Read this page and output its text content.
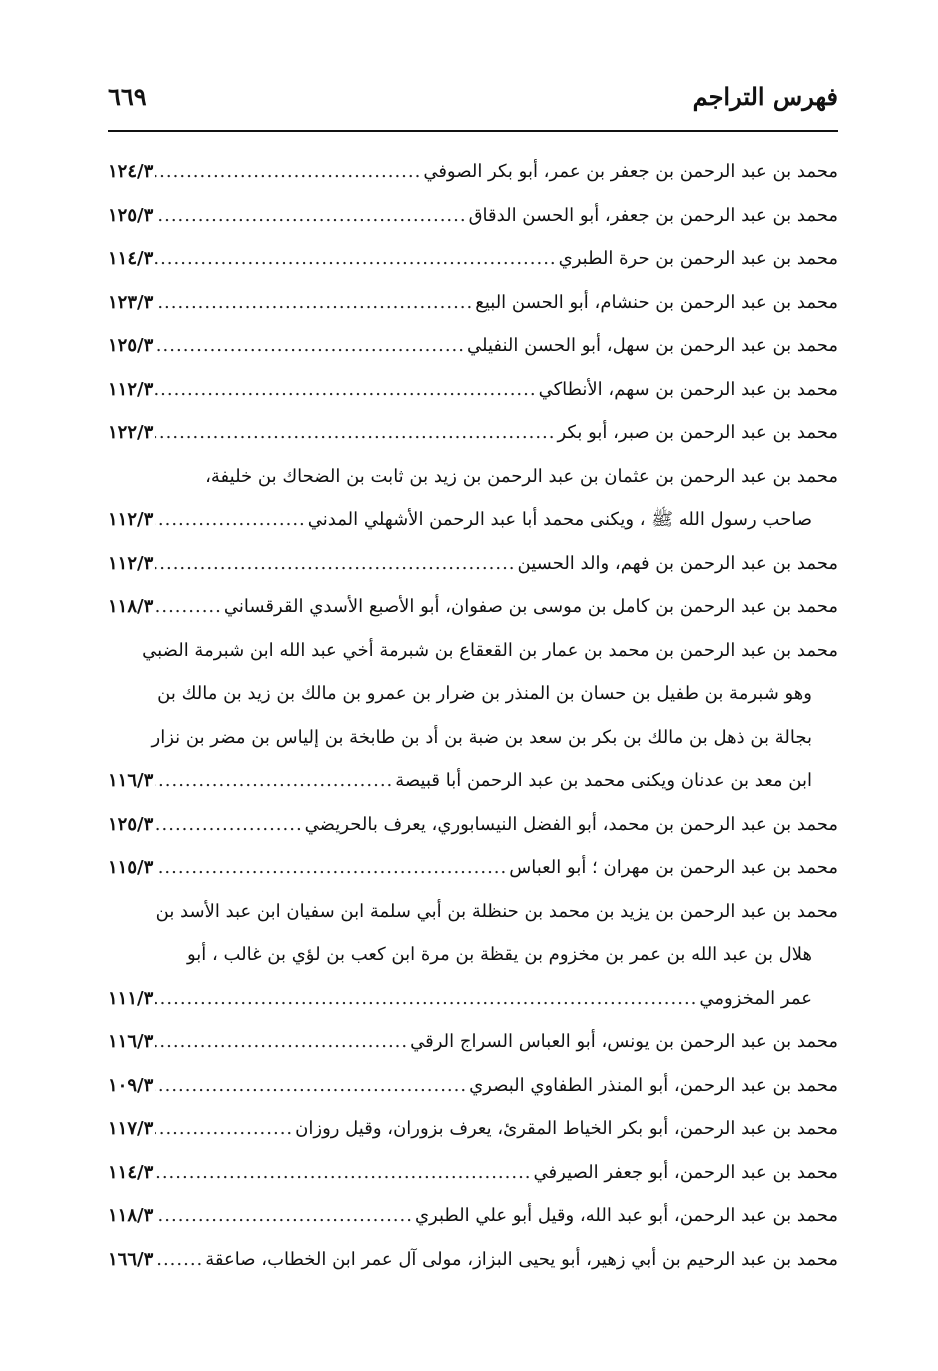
فهرس التراجم
٦٦٩
محمد بن عبد الرحمن بن جعفر بن عمر، أبو بكر الصوفي
.....
١٢٤/٣
محمد بن عبد الرحمن بن جعفر، أبو الحسن الدقاق
.....
١٢٥/٣
محمد بن عبد الرحمن بن حرة الطبري
.....
١١٤/٣
محمد بن عبد الرحمن بن حنشام، أبو الحسن البيع
.....
١٢٣/٣
محمد بن عبد الرحمن بن سهل، أبو الحسن النفيلي
.....
١٢٥/٣
محمد بن عبد الرحمن بن سهم، الأنطاكي
.....
١١٢/٣
محمد بن عبد الرحمن بن صبر، أبو بكر
.....
١٢٢/٣
محمد بن عبد الرحمن بن عثمان بن عبد الرحمن بن زيد بن ثابت بن الضحاك بن خليفة،
صاحب رسول الله ﷺ ، ويكنى محمد أبا عبد الرحمن الأشهلي المدني
.....
١١٢/٣
محمد بن عبد الرحمن بن فهم، والد الحسين
.....
١١٢/٣
محمد بن عبد الرحمن بن كامل بن موسى بن صفوان، أبو الأصبع الأسدي القرقساني
.....
١١٨/٣
محمد بن عبد الرحمن بن محمد بن عمار بن القعقاع بن شبرمة أخي عبد الله ابن شبرمة الضبي
وهو شبرمة بن طفيل بن حسان بن المنذر بن ضرار بن عمرو بن مالك بن زيد بن مالك بن
بجالة بن ذهل بن مالك بن بكر بن سعد بن ضبة بن أد بن طابخة بن إلياس بن مضر بن نزار
ابن معد بن عدنان ويكنى محمد بن عبد الرحمن أبا قبيصة
.....
١١٦/٣
محمد بن عبد الرحمن بن محمد، أبو الفضل النيسابوري، يعرف بالحريضي
.....
١٢٥/٣
محمد بن عبد الرحمن بن مهران ؛ أبو العباس
.....
١١٥/٣
محمد بن عبد الرحمن بن يزيد بن محمد بن حنظلة بن أبي سلمة ابن سفيان ابن عبد الأسد بن
هلال بن عبد الله بن عمر بن مخزوم بن يقظة بن مرة ابن كعب بن لؤي بن غالب ، أبو
عمر المخزومي
.....
١١١/٣
محمد بن عبد الرحمن بن يونس، أبو العباس السراج الرقي
.....
١١٦/٣
محمد بن عبد الرحمن، أبو المنذر الطفاوي البصري
.....
١٠٩/٣
محمد بن عبد الرحمن، أبو بكر الخياط المقرئ، يعرف بزوران، وقيل روزان
.....
١١٧/٣
محمد بن عبد الرحمن، أبو جعفر الصيرفي
.....
١١٤/٣
محمد بن عبد الرحمن، أبو عبد الله، وقيل أبو علي الطبري
.....
١١٨/٣
محمد بن عبد الرحيم بن أبي زهير، أبو يحيى البزاز، مولى آل عمر ابن الخطاب، صاعقة
.....
١٦٦/٣
